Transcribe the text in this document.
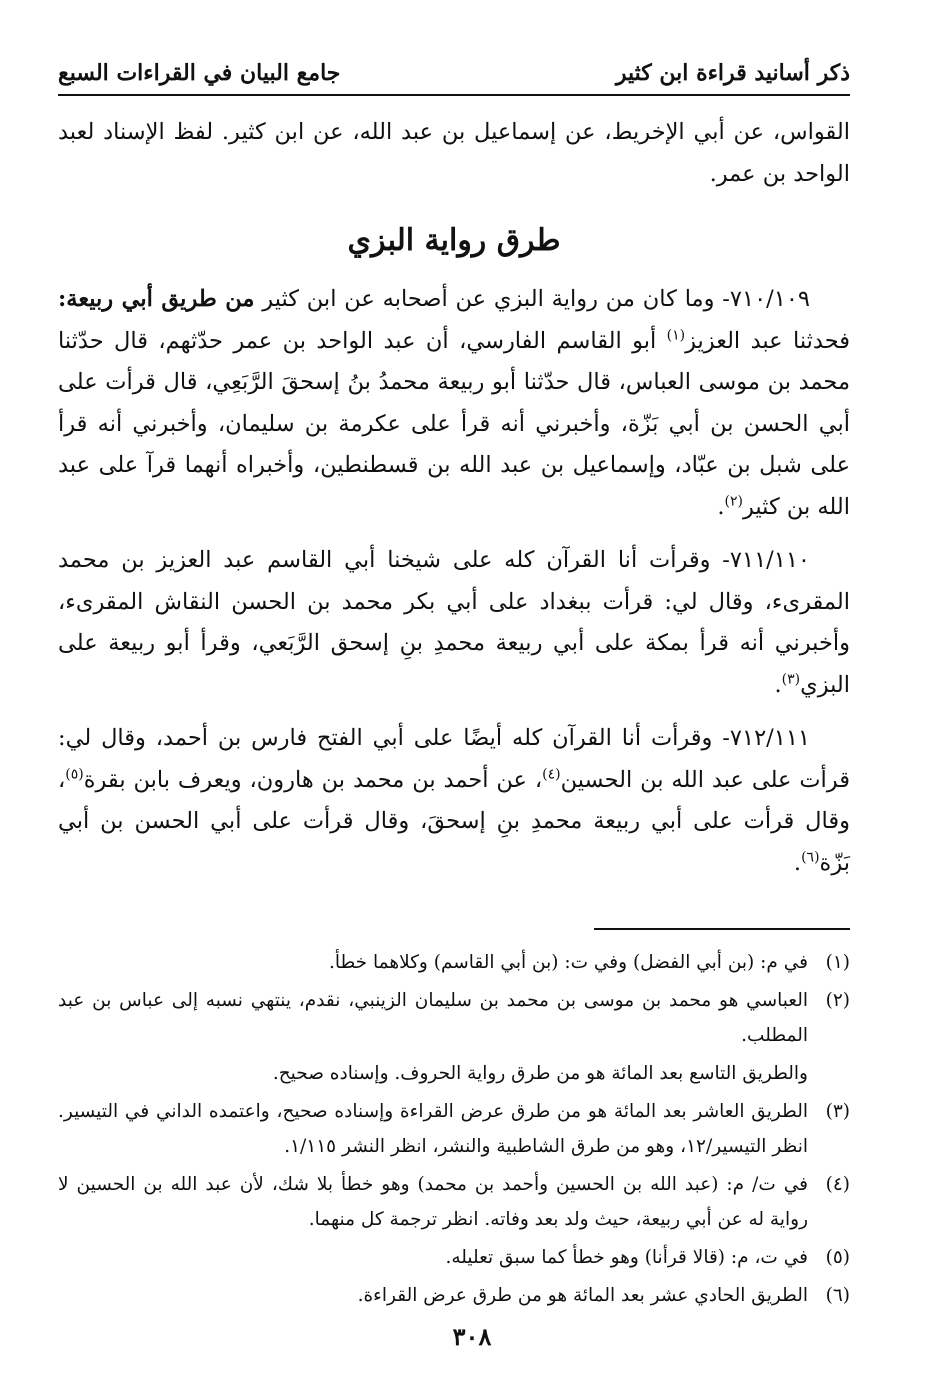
ذكر أسانيد قراءة ابن كثير
جامع البيان في القراءات السبع

القواس، عن أبي الإخريط، عن إسماعيل بن عبد الله، عن ابن كثير. لفظ الإسناد لعبد الواحد بن عمر.

طرق رواية البزي

٧١٠/١٠٩- وما كان من رواية البزي عن أصحابه عن ابن كثير من طريق أبي ربيعة: فحدثنا عبد العزيز$^{(١)}$ أبو القاسم الفارسي، أن عبد الواحد بن عمر حدّثهم، قال حدّثنا محمد بن موسى العباس، قال حدّثنا أبو ربيعة محمدُ بنُ إسحقَ الرَّبَعِي، قال قرأت على أبي الحسن بن أبي بَزّة، وأخبرني أنه قرأ على عكرمة بن سليمان، وأخبرني أنه قرأ على شبل بن عبّاد، وإسماعيل بن عبد الله بن قسطنطين، وأخبراه أنهما قرآ على عبد الله بن كثير$^{(٢)}$.

٧١١/١١٠- وقرأت أنا القرآن كله على شيخنا أبي القاسم عبد العزيز بن محمد المقرىء، وقال لي: قرأت ببغداد على أبي بكر محمد بن الحسن النقاش المقرىء، وأخبرني أنه قرأ بمكة على أبي ربيعة محمدِ بنِ إسحق الرَّبَعي، وقرأ أبو ربيعة على البزي$^{(٣)}$.

٧١٢/١١١- وقرأت أنا القرآن كله أيضًا على أبي الفتح فارس بن أحمد، وقال لي: قرأت على عبد الله بن الحسين$^{(٤)}$، عن أحمد بن محمد بن هارون، ويعرف بابن بقرة$^{(٥)}$، وقال قرأت على أبي ربيعة محمدِ بنِ إسحقَ، وقال قرأت على أبي الحسن بن أبي بَزّة$^{(٦)}$.

(١)
في م: (بن أبي الفضل) وفي ت: (بن أبي القاسم) وكلاهما خطأ.
(٢)
العباسي هو محمد بن موسى بن محمد بن سليمان الزينبي، نقدم، ينتهي نسبه إلى عباس بن عبد المطلب.
والطريق التاسع بعد المائة هو من طرق رواية الحروف. وإسناده صحيح.
(٣)
الطريق العاشر بعد المائة هو من طرق عرض القراءة وإسناده صحيح، واعتمده الداني في التيسير. انظر التيسير/١٢، وهو من طرق الشاطبية والنشر، انظر النشر ١/١١٥.
(٤)
في ت/ م: (عبد الله بن الحسين وأحمد بن محمد) وهو خطأ بلا شك، لأن عبد الله بن الحسين لا رواية له عن أبي ربيعة، حيث ولد بعد وفاته. انظر ترجمة كل منهما.
(٥)
في ت، م: (قالا قرأنا) وهو خطأ كما سبق تعليله.
(٦)
الطريق الحادي عشر بعد المائة هو من طرق عرض القراءة.
٣٠٨
